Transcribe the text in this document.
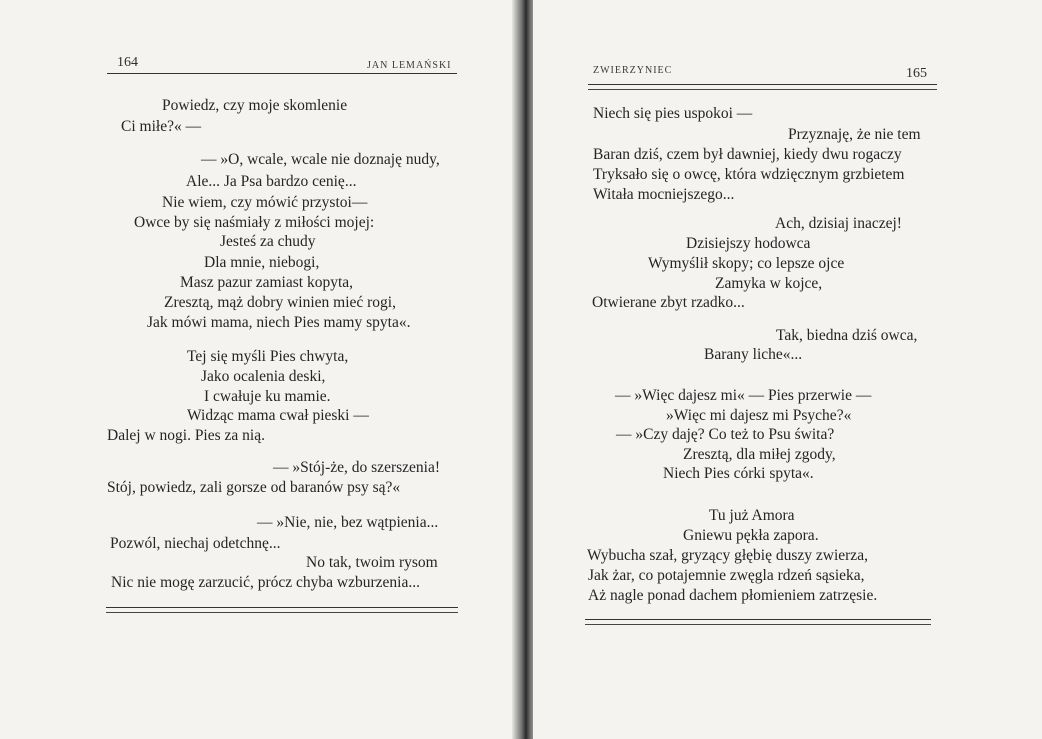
164	JAN LEMAŃSKI
Powiedz, czy moje skomlenie
Ci miłe?« —
— »O, wcale, wcale nie doznaję nudy,
Ale... Ja Psa bardzo cenię...
Nie wiem, czy mówić przystoi—
Owce by się naśmiały z miłości mojej:
Jesteś za chudy
Dla mnie, niebogi,
Masz pazur zamiast kopyta,
Zresztą, mąż dobry winien mieć rogi,
Jak mówi mama, niech Pies mamy spyta«.
Tej się myśli Pies chwyta,
Jako ocalenia deski,
I cwałuje ku mamie.
Widząc mama cwał pieski —
Dalej w nogi. Pies za nią.
— »Stój-że, do szerszenia!
Stój, powiedz, zali gorsze od baranów psy są?«
— »Nie, nie, bez wątpienia...
Pozwól, niechaj odetchnę...
No tak, twoim rysom
Nic nie mogę zarzucić, prócz chyba wzburzenia...
ZWIERZYNIEC	165
Niech się pies uspokoi —
Przyznaję, że nie tem
Baran dziś, czem był dawniej, kiedy dwu rogaczy
Tryksało się o owcę, która wdzięcznym grzbietem
Witała mocniejszego...
Ach, dzisiaj inaczej!
Dzisiejszy hodowca
Wymyślił skopy; co lepsze ojce
Zamyka w kojce,
Otwierane zbyt rzadko...
Tak, biedna dziś owca,
Barany liche«...
— »Więc dajesz mi« — Pies przerwie —
»Więc mi dajesz mi Psyche?«
— »Czy daję? Co też to Psu świta?
Zresztą, dla miłej zgody,
Niech Pies córki spyta«.
Tu już Amora
Gniewu pękła zapora.
Wybucha szał, gryzący głębię duszy zwierza,
Jak żar, co potajemnie zwęgla rdzeń sąsieka,
Aż nagle ponad dachem płomieniem zatrzęsie.
